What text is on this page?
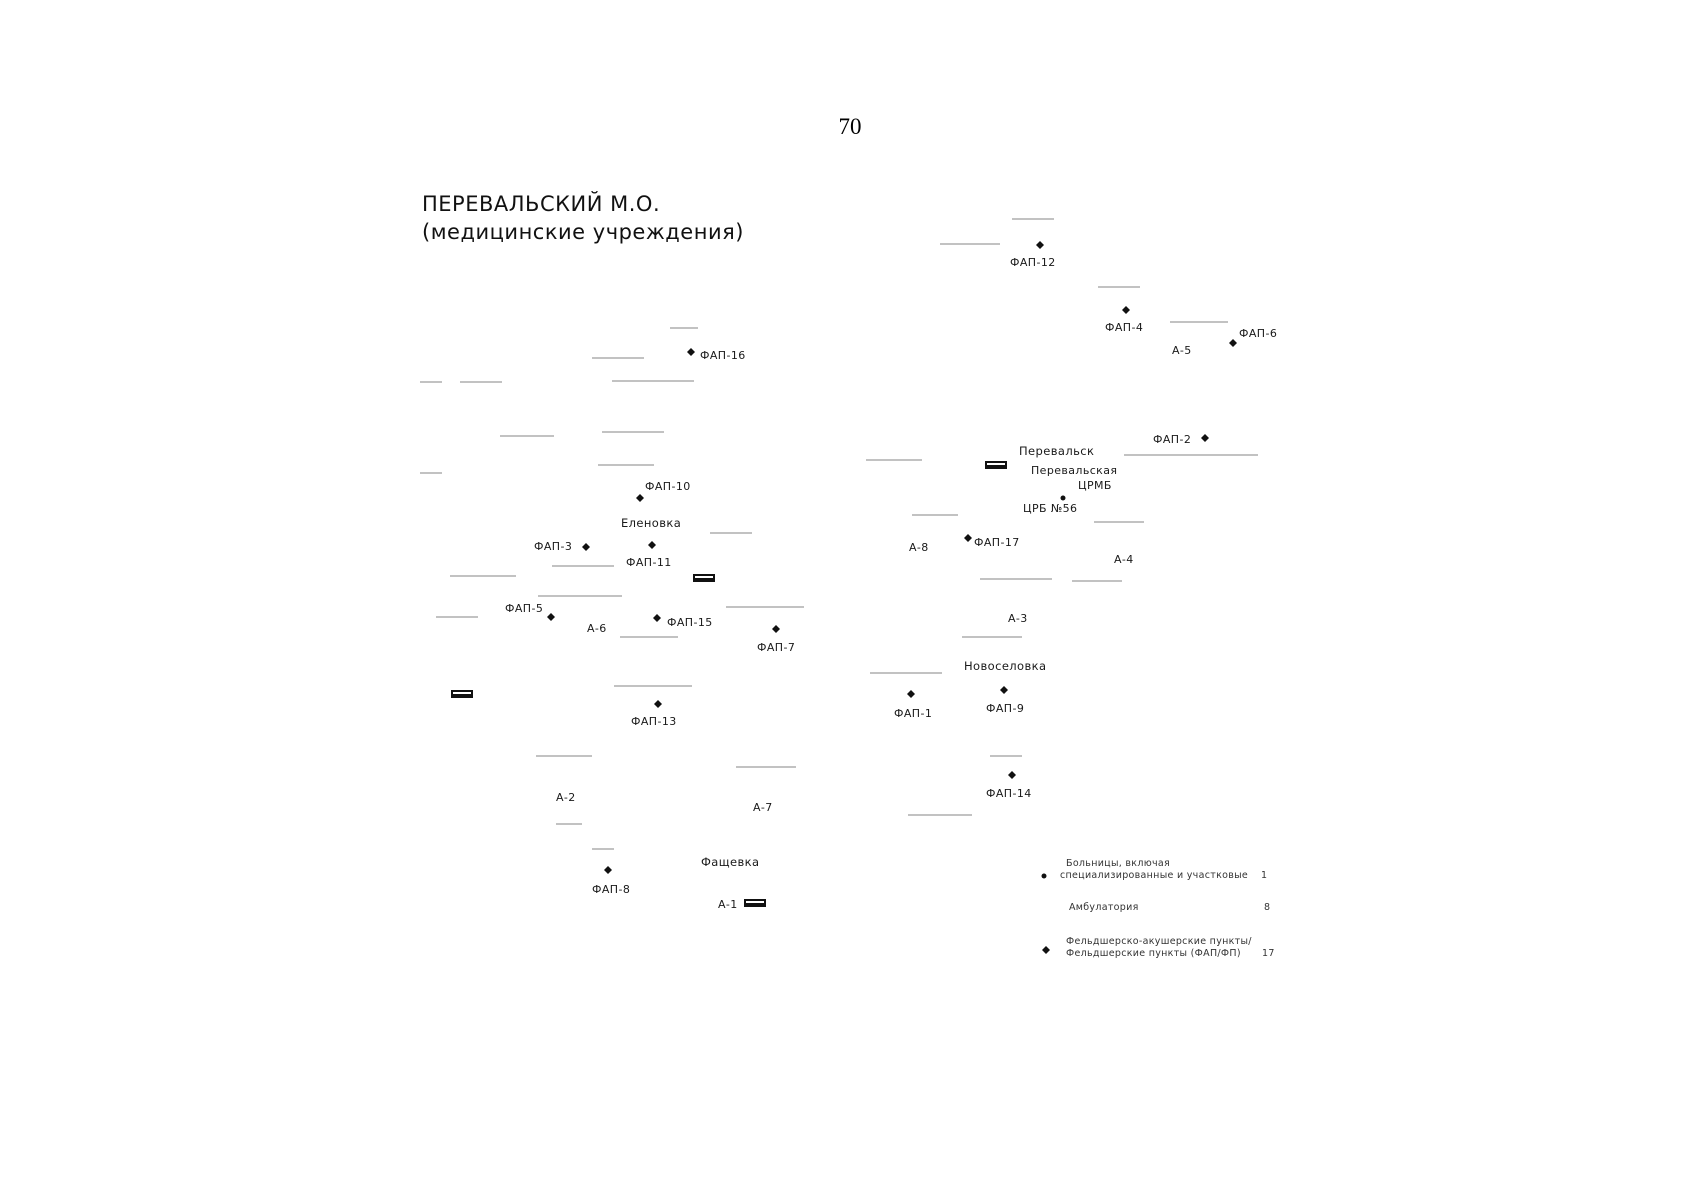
70
ПЕРЕВАЛЬСКИЙ М.О.
(медицинские учреждения)
ФАП-12
ФАП-4	ФАП-6
ФАП-16
ФАП-2
ФАП-10
ФАП-3
ФАП-11
ФАП-17
ФАП-5
ФАП-15
ФАП-7
ФАП-13
ФАП-1	ФАП-9
ФАП-14
ФАП-8
А-5
А-8
А-4
А-3
А-6
А-2
А-7
А-1
Перевальск
Еленовка
Новоселовка
Фащевка
Перевальская
ЦРМБ
ЦРБ №56
Больницы, включая
специализированные и участковые 1
Амбулатория	8
Фельдшерско-акушерские пункты/
Фельдшерские пункты (ФАП/ФП) 17
